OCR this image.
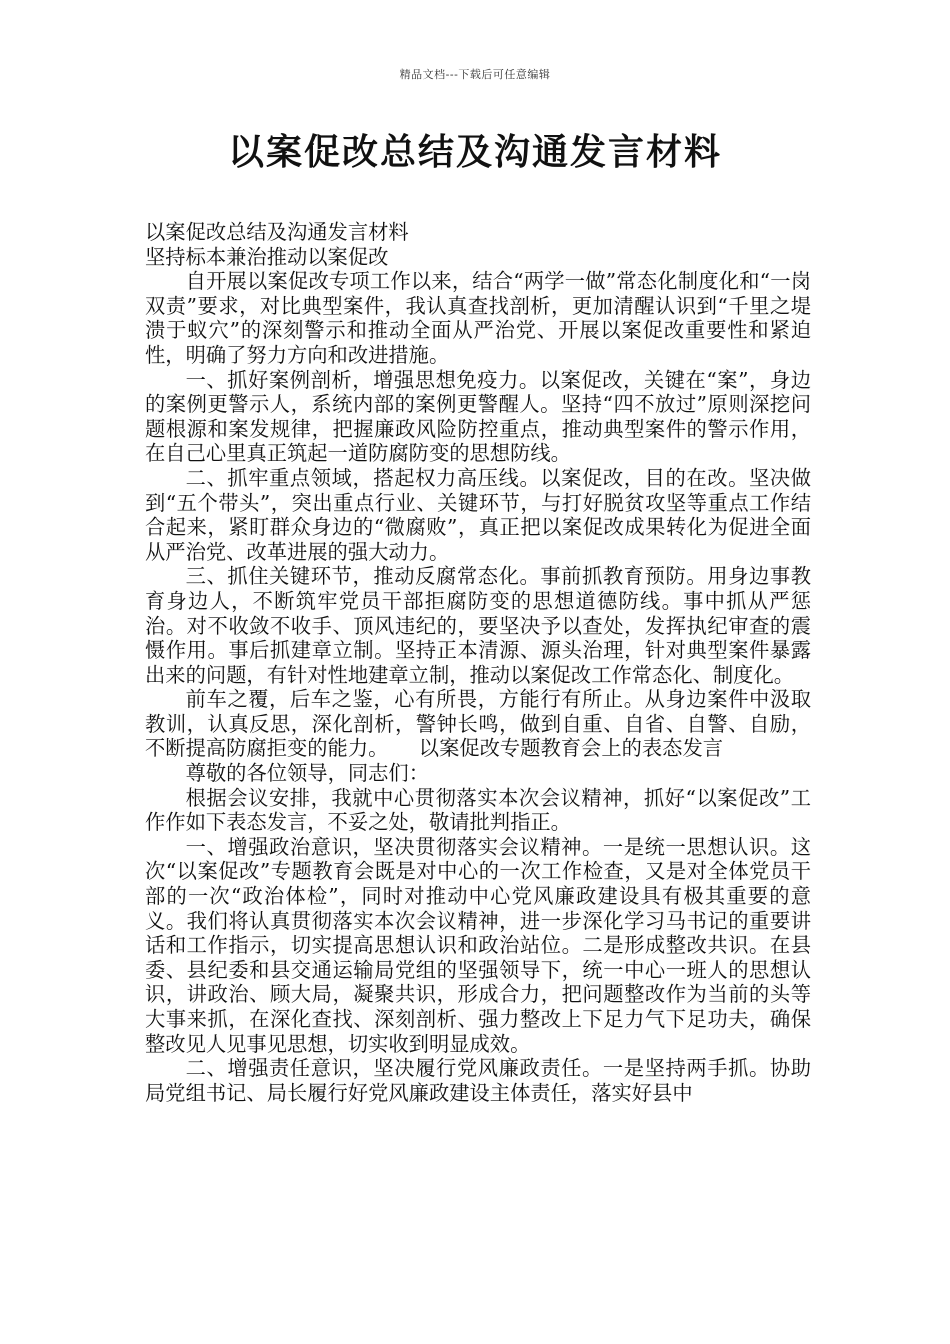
精品文档---下载后可任意编辑
以案促改总结及沟通发言材料

以案促改总结及沟通发言材料

坚持标本兼治推动以案促改

自开展以案促改专项工作以来，结合“两学一做”常态化制度化和“一岗双责”要求，对比典型案件，我认真查找剖析，更加清醒认识到“千里之堤溃于蚁穴”的深刻警示和推动全面从严治党、开展以案促改重要性和紧迫性，明确了努力方向和改进措施。

一、抓好案例剖析，增强思想免疫力。以案促改，关键在“案”，身边的案例更警示人，系统内部的案例更警醒人。坚持“四不放过”原则深挖问题根源和案发规律，把握廉政风险防控重点，推动典型案件的警示作用，在自己心里真正筑起一道防腐防变的思想防线。

二、抓牢重点领域，搭起权力高压线。以案促改，目的在改。坚决做到“五个带头”，突出重点行业、关键环节，与打好脱贫攻坚等重点工作结合起来，紧盯群众身边的“微腐败”，真正把以案促改成果转化为促进全面从严治党、改革进展的强大动力。

三、抓住关键环节，推动反腐常态化。事前抓教育预防。用身边事教育身边人，不断筑牢党员干部拒腐防变的思想道德防线。事中抓从严惩治。对不收敛不收手、顶风违纪的，要坚决予以查处，发挥执纪审查的震慑作用。事后抓建章立制。坚持正本清源、源头治理，针对典型案件暴露出来的问题，有针对性地建章立制，推动以案促改工作常态化、制度化。

前车之覆，后车之鉴，心有所畏，方能行有所止。从身边案件中汲取教训，认真反思，深化剖析，警钟长鸣，做到自重、自省、自警、自励，不断提高防腐拒变的能力。　　以案促改专题教育会上的表态发言

尊敬的各位领导，同志们：

根据会议安排，我就中心贯彻落实本次会议精神，抓好“以案促改”工作作如下表态发言，不妥之处，敬请批判指正。

一、增强政治意识，坚决贯彻落实会议精神。一是统一思想认识。这次“以案促改”专题教育会既是对中心的一次工作检查，又是对全体党员干部的一次“政治体检”，同时对推动中心党风廉政建设具有极其重要的意义。我们将认真贯彻落实本次会议精神，进一步深化学习马书记的重要讲话和工作指示，切实提高思想认识和政治站位。二是形成整改共识。在县委、县纪委和县交通运输局党组的坚强领导下，统一中心一班人的思想认识，讲政治、顾大局，凝聚共识，形成合力，把问题整改作为当前的头等大事来抓，在深化查找、深刻剖析、强力整改上下足力气下足功夫，确保整改见人见事见思想，切实收到明显成效。

二、增强责任意识，坚决履行党风廉政责任。一是坚持两手抓。协助局党组书记、局长履行好党风廉政建设主体责任，落实好县中
